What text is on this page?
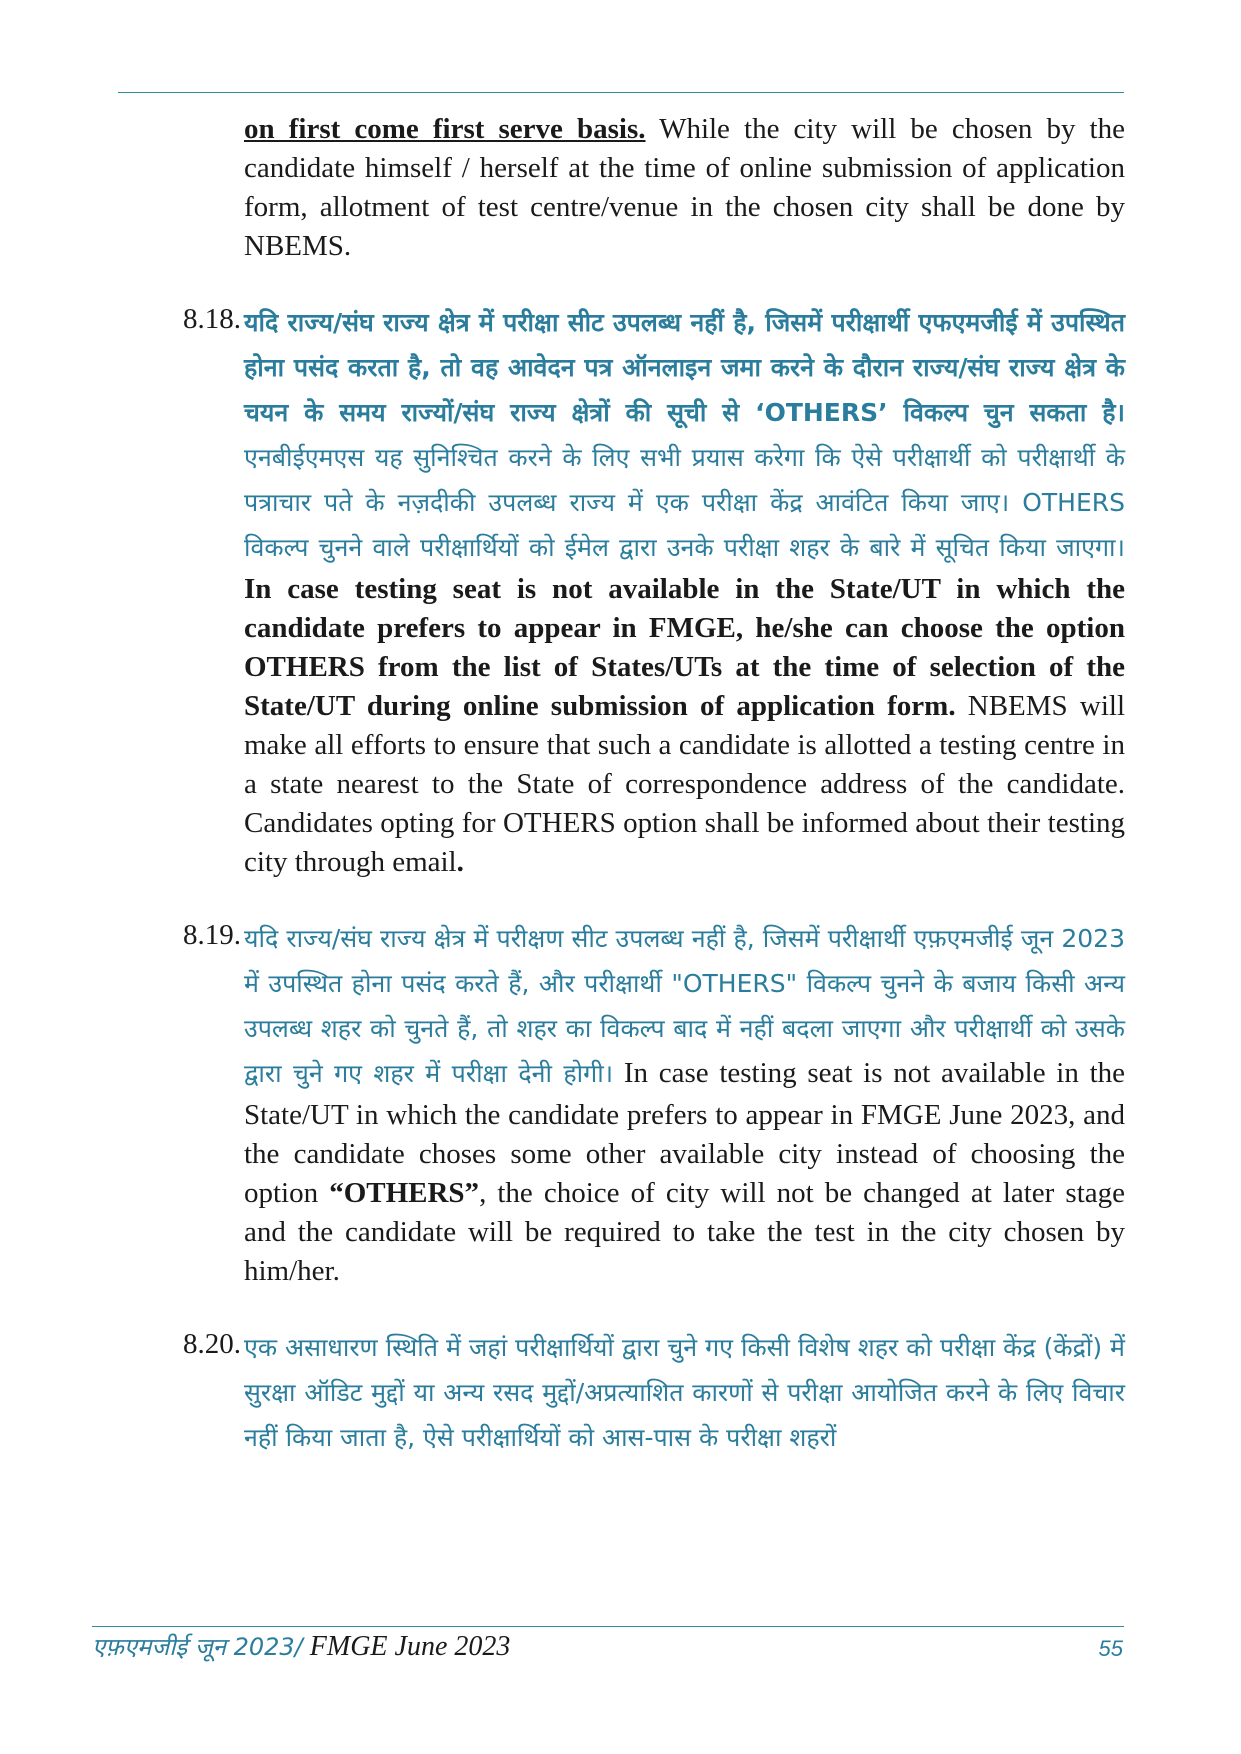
on first come first serve basis. While the city will be chosen by the candidate himself / herself at the time of online submission of application form, allotment of test centre/venue in the chosen city shall be done by NBEMS.

8.18. यदि राज्य/संघ राज्य क्षेत्र में परीक्षा सीट उपलब्ध नहीं है, जिसमें परीक्षार्थी एफएमजीई में उपस्थित होना पसंद करता है, तो वह आवेदन पत्र ऑनलाइन जमा करने के दौरान राज्य/संघ राज्य क्षेत्र के चयन के समय राज्यों/संघ राज्य क्षेत्रों की सूची से ‘OTHERS’ विकल्प चुन सकता है। एनबीईएमएस यह सुनिश्चित करने के लिए सभी प्रयास करेगा कि ऐसे परीक्षार्थी को परीक्षार्थी के पत्राचार पते के नज़दीकी उपलब्ध राज्य में एक परीक्षा केंद्र आवंटित किया जाए। OTHERS विकल्प चुनने वाले परीक्षार्थियों को ईमेल द्वारा उनके परीक्षा शहर के बारे में सूचित किया जाएगा। In case testing seat is not available in the State/UT in which the candidate prefers to appear in FMGE, he/she can choose the option OTHERS from the list of States/UTs at the time of selection of the State/UT during online submission of application form. NBEMS will make all efforts to ensure that such a candidate is allotted a testing centre in a state nearest to the State of correspondence address of the candidate. Candidates opting for OTHERS option shall be informed about their testing city through email.

8.19. यदि राज्य/संघ राज्य क्षेत्र में परीक्षण सीट उपलब्ध नहीं है, जिसमें परीक्षार्थी एफ़एमजीई जून 2023 में उपस्थित होना पसंद करते हैं, और परीक्षार्थी "OTHERS" विकल्प चुनने के बजाय किसी अन्य उपलब्ध शहर को चुनते हैं, तो शहर का विकल्प बाद में नहीं बदला जाएगा और परीक्षार्थी को उसके द्वारा चुने गए शहर में परीक्षा देनी होगी। In case testing seat is not available in the State/UT in which the candidate prefers to appear in FMGE June 2023, and the candidate choses some other available city instead of choosing the option “OTHERS”, the choice of city will not be changed at later stage and the candidate will be required to take the test in the city chosen by him/her.

8.20. एक असाधारण स्थिति में जहां परीक्षार्थियों द्वारा चुने गए किसी विशेष शहर को परीक्षा केंद्र (केंद्रों) में सुरक्षा ऑडिट मुद्दों या अन्य रसद मुद्दों/अप्रत्याशित कारणों से परीक्षा आयोजित करने के लिए विचार नहीं किया जाता है, ऐसे परीक्षार्थियों को आस-पास के परीक्षा शहरों

एफ़एमजीई जून 2023/ FMGE June 2023	55
